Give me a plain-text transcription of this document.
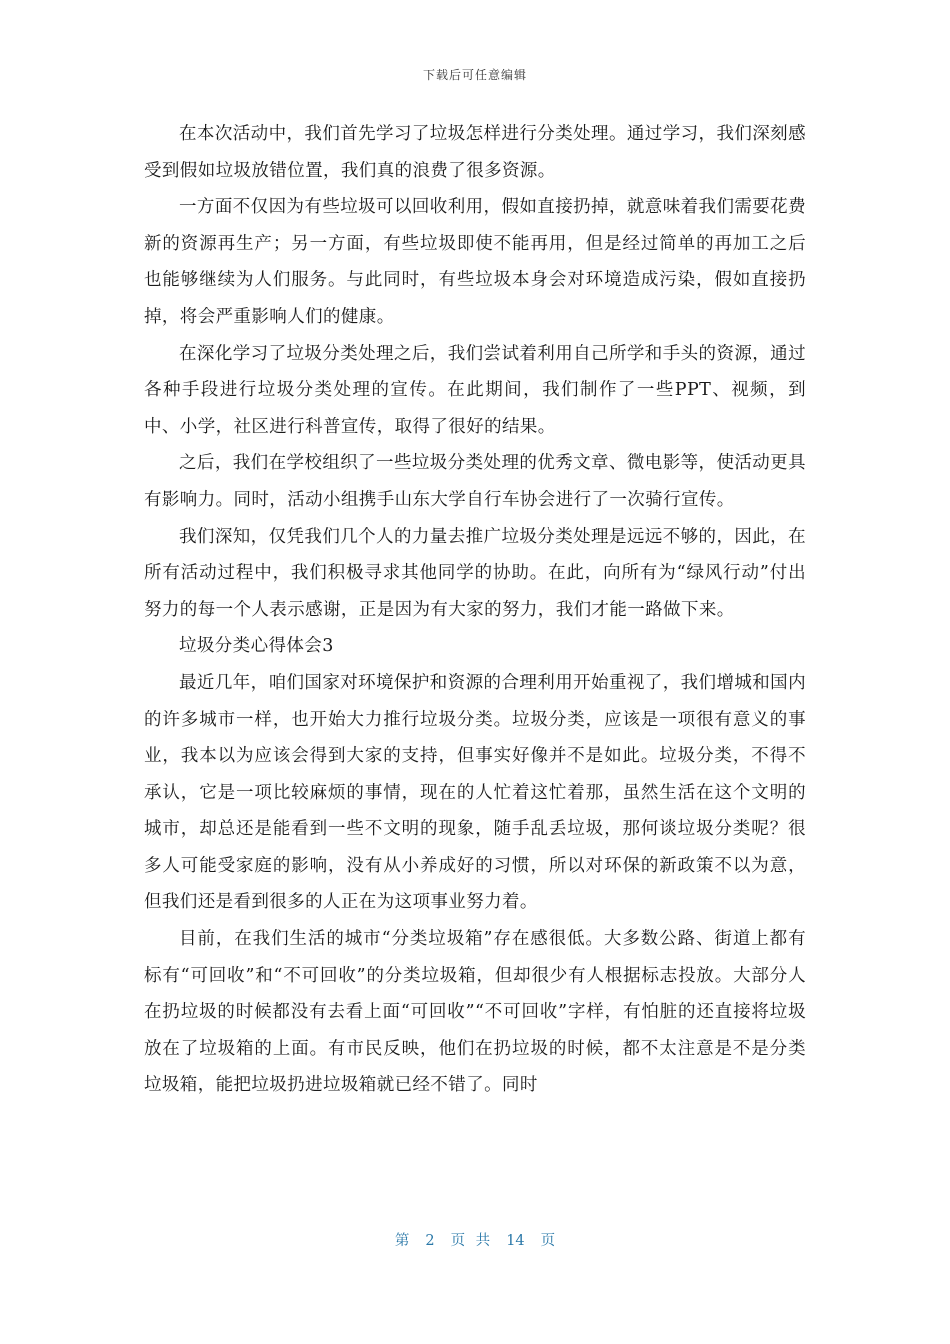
下载后可任意编辑

在本次活动中，我们首先学习了垃圾怎样进行分类处理。通过学习，我们深刻感受到假如垃圾放错位置，我们真的浪费了很多资源。

一方面不仅因为有些垃圾可以回收利用，假如直接扔掉，就意味着我们需要花费新的资源再生产；另一方面，有些垃圾即使不能再用，但是经过简单的再加工之后也能够继续为人们服务。与此同时，有些垃圾本身会对环境造成污染，假如直接扔掉，将会严重影响人们的健康。

在深化学习了垃圾分类处理之后，我们尝试着利用自己所学和手头的资源，通过各种手段进行垃圾分类处理的宣传。在此期间，我们制作了一些PPT、视频，到中、小学，社区进行科普宣传，取得了很好的结果。

之后，我们在学校组织了一些垃圾分类处理的优秀文章、微电影等，使活动更具有影响力。同时，活动小组携手山东大学自行车协会进行了一次骑行宣传。

我们深知，仅凭我们几个人的力量去推广垃圾分类处理是远远不够的，因此，在所有活动过程中，我们积极寻求其他同学的协助。在此，向所有为“绿风行动”付出努力的每一个人表示感谢，正是因为有大家的努力，我们才能一路做下来。

垃圾分类心得体会3

最近几年，咱们国家对环境保护和资源的合理利用开始重视了，我们增城和国内的许多城市一样，也开始大力推行垃圾分类。垃圾分类，应该是一项很有意义的事业，我本以为应该会得到大家的支持，但事实好像并不是如此。垃圾分类，不得不承认，它是一项比较麻烦的事情，现在的人忙着这忙着那，虽然生活在这个文明的城市，却总还是能看到一些不文明的现象，随手乱丢垃圾，那何谈垃圾分类呢？很多人可能受家庭的影响，没有从小养成好的习惯，所以对环保的新政策不以为意，但我们还是看到很多的人正在为这项事业努力着。

目前，在我们生活的城市“分类垃圾箱”存在感很低。大多数公路、街道上都有标有“可回收”和“不可回收”的分类垃圾箱，但却很少有人根据标志投放。大部分人在扔垃圾的时候都没有去看上面“可回收”“不可回收”字样，有怕脏的还直接将垃圾放在了垃圾箱的上面。有市民反映，他们在扔垃圾的时候，都不太注意是不是分类垃圾箱，能把垃圾扔进垃圾箱就已经不错了。同时

第 2 页 共 14 页
